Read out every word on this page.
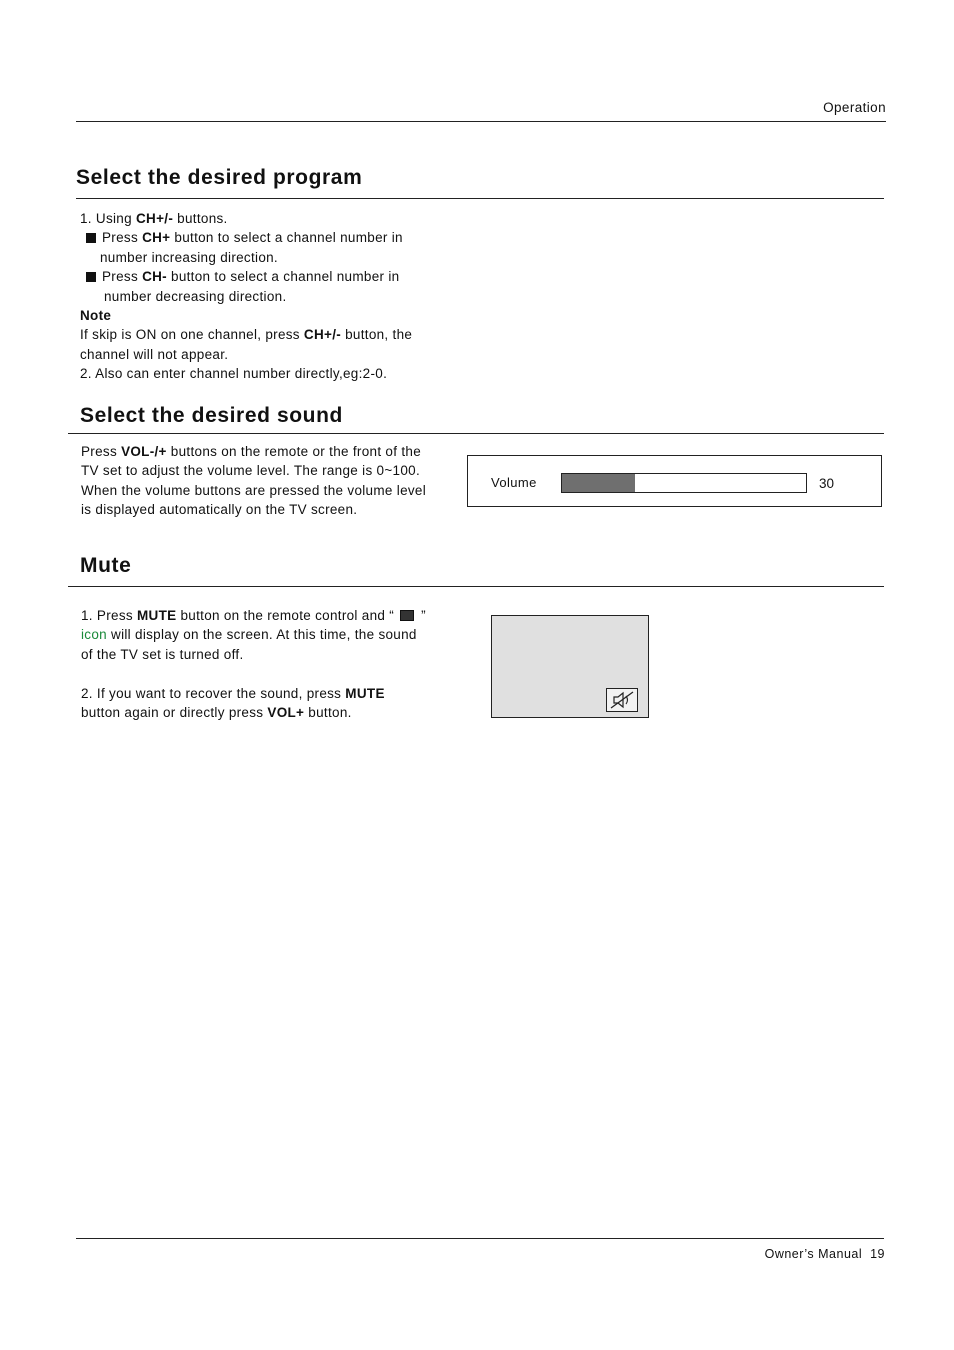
Operation
Select the desired program
1. Using CH+/- buttons.
Press CH+ button to select a channel number in
number increasing direction.
Press CH- button to select a channel number in
number decreasing direction.
Note
If skip is ON on one channel, press CH+/- button, the
channel will not appear.
2. Also can enter channel number directly,eg:2-0.
Select the desired sound
Press VOL-/+ buttons on the remote or the front of the
TV set to adjust the volume level. The range is 0~100.
When the volume buttons are pressed the volume level
is displayed automatically on the TV screen.
Volume	30
Mute
1. Press MUTE button on the remote control and “ ”
icon will display on the screen. At this time, the sound
of the TV set is turned off.
2. If you want to recover the sound, press MUTE
button again or directly press VOL+ button.
Owner’s Manual  19
